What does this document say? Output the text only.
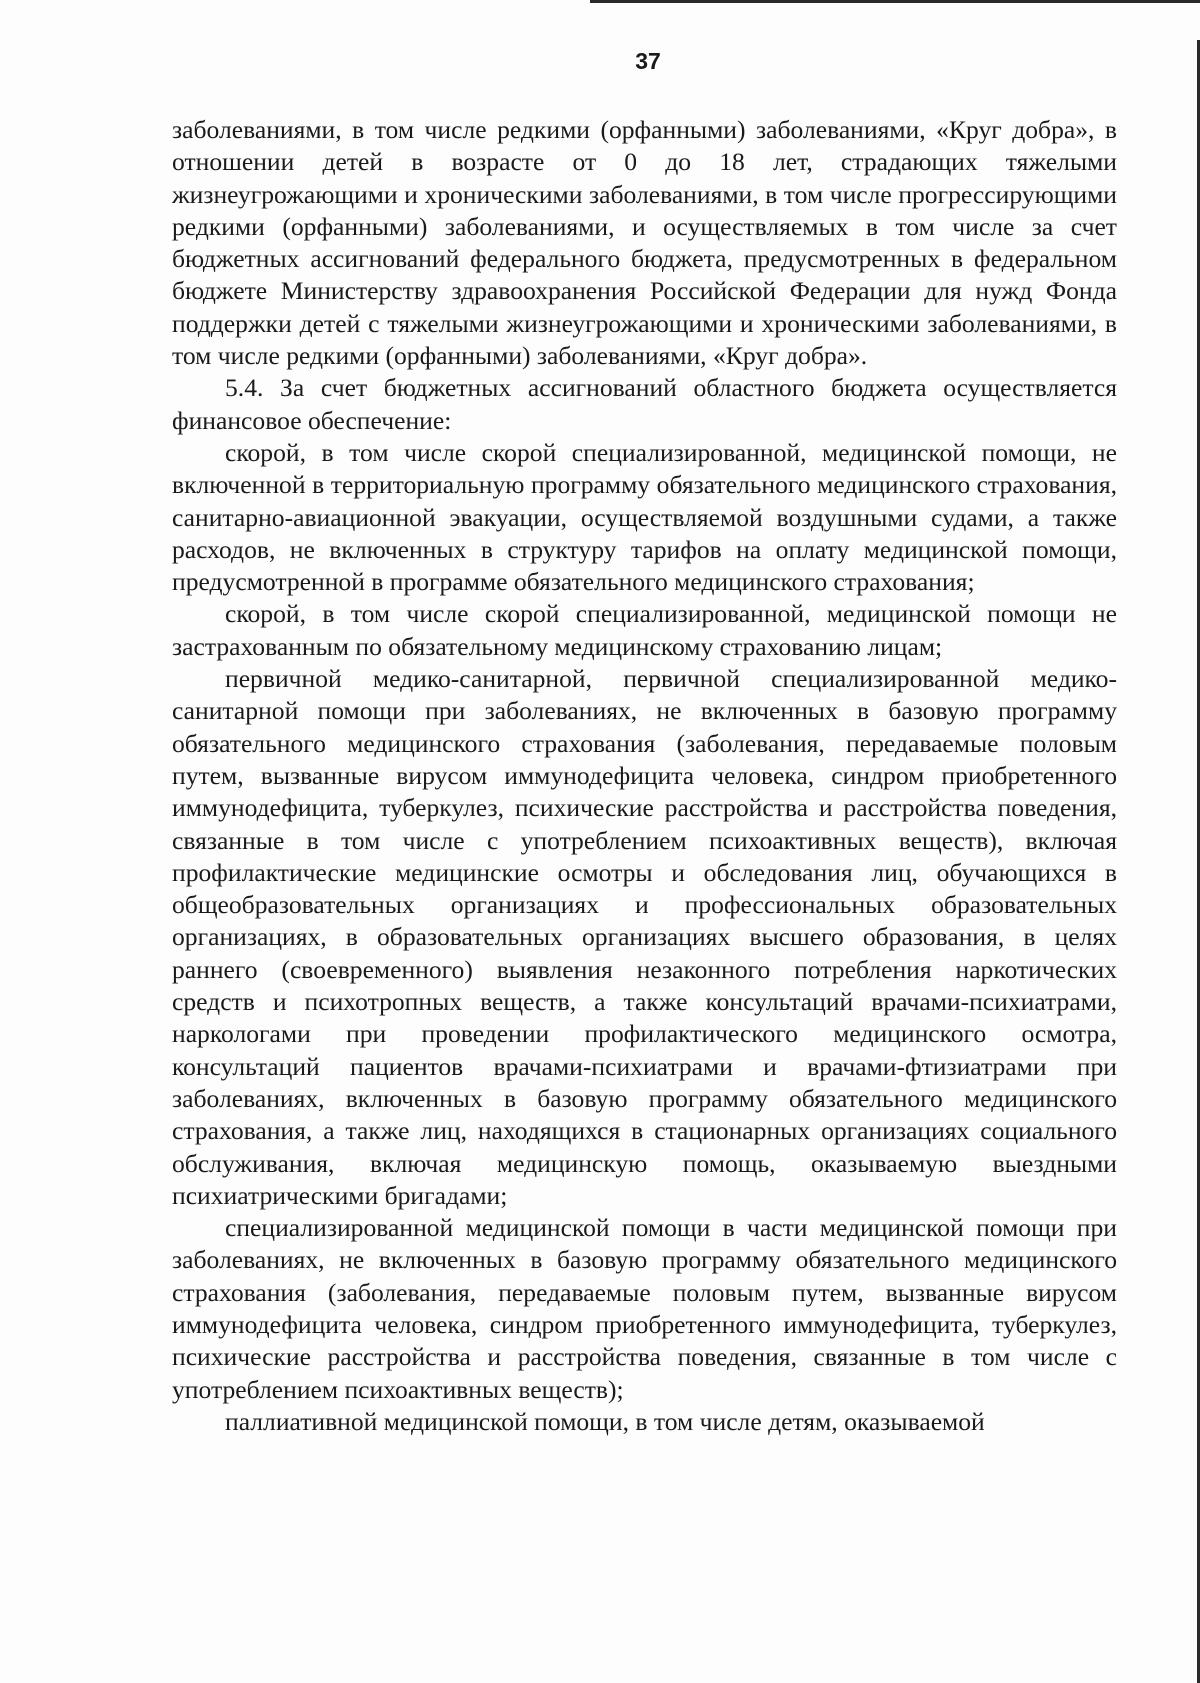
37

заболеваниями, в том числе редкими (орфанными) заболеваниями, «Круг добра», в отношении детей в возрасте от 0 до 18 лет, страдающих тяжелыми жизнеугрожающими и хроническими заболеваниями, в том числе прогрессирующими редкими (орфанными) заболеваниями, и осуществляемых в том числе за счет бюджетных ассигнований федерального бюджета, предусмотренных в федеральном бюджете Министерству здравоохранения Российской Федерации для нужд Фонда поддержки детей с тяжелыми жизнеугрожающими и хроническими заболеваниями, в том числе редкими (орфанными) заболеваниями, «Круг добра».

5.4. За счет бюджетных ассигнований областного бюджета осуществляется финансовое обеспечение:

скорой, в том числе скорой специализированной, медицинской помощи, не включенной в территориальную программу обязательного медицинского страхования, санитарно-авиационной эвакуации, осуществляемой воздушными судами, а также расходов, не включенных в структуру тарифов на оплату медицинской помощи, предусмотренной в программе обязательного медицинского страхования;

скорой, в том числе скорой специализированной, медицинской помощи не застрахованным по обязательному медицинскому страхованию лицам;

первичной медико-санитарной, первичной специализированной медико-санитарной помощи при заболеваниях, не включенных в базовую программу обязательного медицинского страхования (заболевания, передаваемые половым путем, вызванные вирусом иммунодефицита человека, синдром приобретенного иммунодефицита, туберкулез, психические расстройства и расстройства поведения, связанные в том числе с употреблением психоактивных веществ), включая профилактические медицинские осмотры и обследования лиц, обучающихся в общеобразовательных организациях и профессиональных образовательных организациях, в образовательных организациях высшего образования, в целях раннего (своевременного) выявления незаконного потребления наркотических средств и психотропных веществ, а также консультаций врачами-психиатрами, наркологами при проведении профилактического медицинского осмотра, консультаций пациентов врачами-психиатрами и врачами-фтизиатрами при заболеваниях, включенных в базовую программу обязательного медицинского страхования, а также лиц, находящихся в стационарных организациях социального обслуживания, включая медицинскую помощь, оказываемую выездными психиатрическими бригадами;

специализированной медицинской помощи в части медицинской помощи при заболеваниях, не включенных в базовую программу обязательного медицинского страхования (заболевания, передаваемые половым путем, вызванные вирусом иммунодефицита человека, синдром приобретенного иммунодефицита, туберкулез, психические расстройства и расстройства поведения, связанные в том числе с употреблением психоактивных веществ);

паллиативной медицинской помощи, в том числе детям, оказываемой
